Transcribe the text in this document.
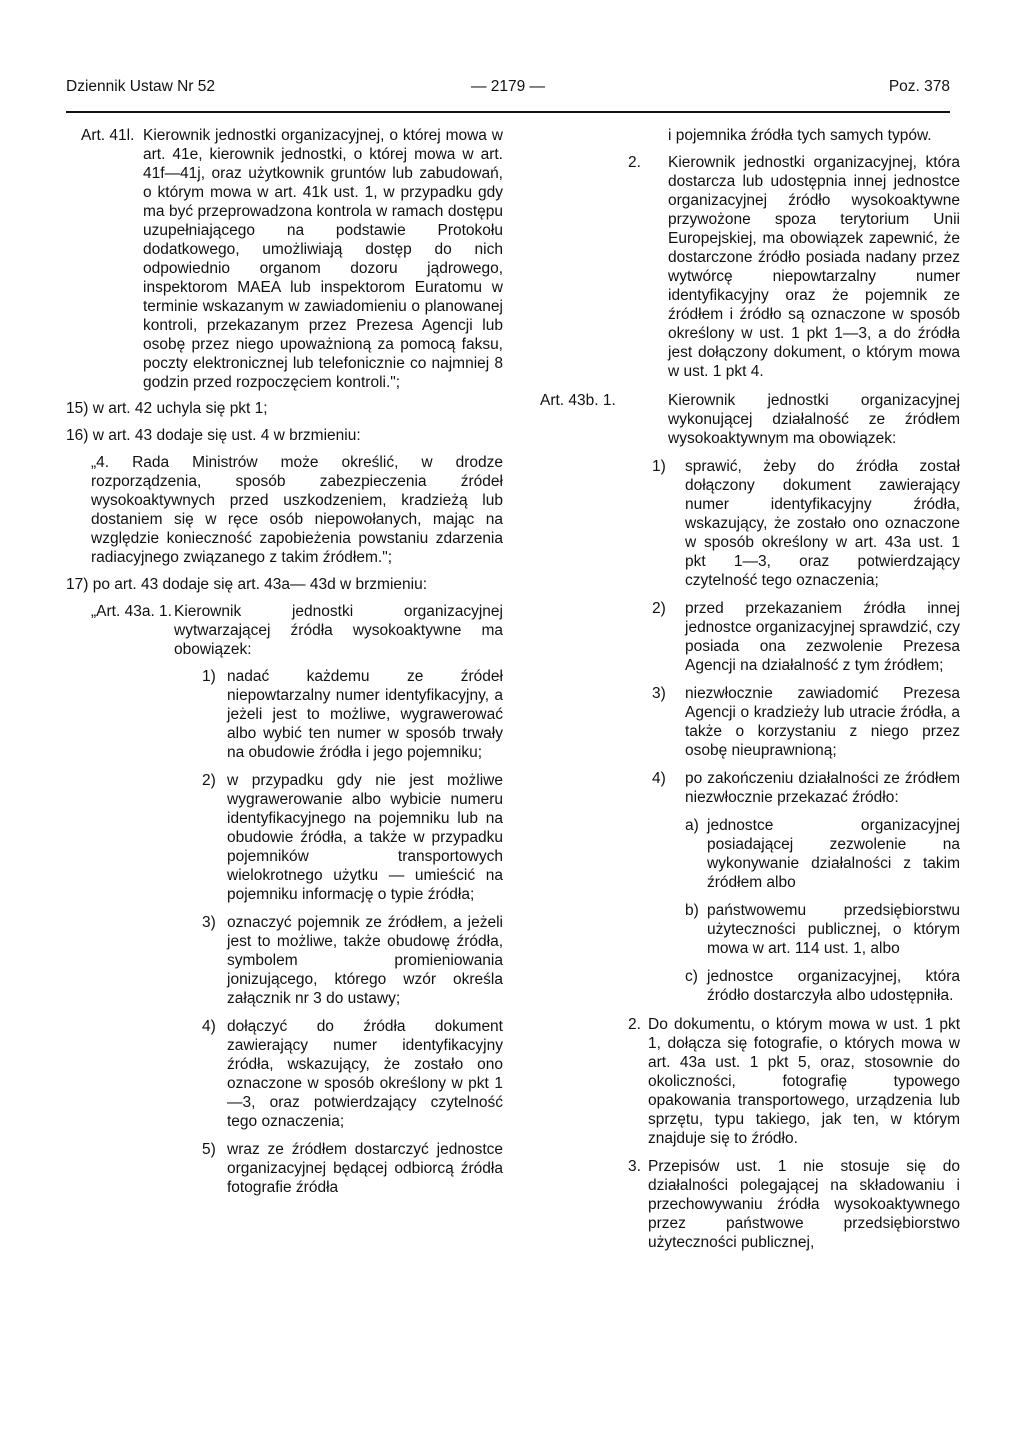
Dziennik Ustaw Nr 52	— 2179 —	Poz. 378
Art. 41l. Kierownik jednostki organizacyjnej, o której mowa w art. 41e, kierownik jednostki, o której mowa w art. 41f—41j, oraz użytkownik gruntów lub zabudowań, o którym mowa w art. 41k ust. 1, w przypadku gdy ma być przeprowadzona kontrola w ramach dostępu uzupełniającego na podstawie Protokołu dodatkowego, umożliwiają dostęp do nich odpowiednio organom dozoru jądrowego, inspektorom MAEA lub inspektorom Euratomu w terminie wskazanym w zawiadomieniu o planowanej kontroli, przekazanym przez Prezesa Agencji lub osobę przez niego upoważnioną za pomocą faksu, poczty elektronicznej lub telefonicznie co najmniej 8 godzin przed rozpoczęciem kontroli.";

15) w art. 42 uchyla się pkt 1;

16) w art. 43 dodaje się ust. 4 w brzmieniu:

„4. Rada Ministrów może określić, w drodze rozporządzenia, sposób zabezpieczenia źródeł wysokoaktywnych przed uszkodzeniem, kradzieżą lub dostaniem się w ręce osób niepowołanych, mając na względzie konieczność zapobieżenia powstaniu zdarzenia radiacyjnego związanego z takim źródłem.";

17) po art. 43 dodaje się art. 43a— 43d w brzmieniu:

„Art. 43a. 1. Kierownik jednostki organizacyjnej wytwarzającej źródła wysokoaktywne ma obowiązek:
1) nadać każdemu ze źródeł niepowtarzalny numer identyfikacyjny, a jeżeli jest to możliwe, wygrawerować albo wybić ten numer w sposób trwały na obudowie źródła i jego pojemniku;
2) w przypadku gdy nie jest możliwe wygrawerowanie albo wybicie numeru identyfikacyjnego na pojemniku lub na obudowie źródła, a także w przypadku pojemników transportowych wielokrotnego użytku — umieścić na pojemniku informację o typie źródła;
3) oznaczyć pojemnik ze źródłem, a jeżeli jest to możliwe, także obudowę źródła, symbolem promieniowania jonizującego, którego wzór określa załącznik nr 3 do ustawy;
4) dołączyć do źródła dokument zawierający numer identyfikacyjny źródła, wskazujący, że zostało ono oznaczone w sposób określony w pkt 1—3, oraz potwierdzający czytelność tego oznaczenia;
5) wraz ze źródłem dostarczyć jednostce organizacyjnej będącej odbiorcą źródła fotografie źródła

i pojemnika źródła tych samych typów.

2. Kierownik jednostki organizacyjnej, która dostarcza lub udostępnia innej jednostce organizacyjnej źródło wysokoaktywne przywożone spoza terytorium Unii Europejskiej, ma obowiązek zapewnić, że dostarczone źródło posiada nadany przez wytwórcę niepowtarzalny numer identyfikacyjny oraz że pojemnik ze źródłem i źródło są oznaczone w sposób określony w ust. 1 pkt 1—3, a do źródła jest dołączony dokument, o którym mowa w ust. 1 pkt 4.
Art. 43b. 1.	Kierownik jednostki organizacyjnej wykonującej działalność ze źródłem wysokoaktywnym ma obowiązek:
1) sprawić, żeby do źródła został dołączony dokument zawierający numer identyfikacyjny źródła, wskazujący, że zostało ono oznaczone w sposób określony w art. 43a ust. 1 pkt 1—3, oraz potwierdzający czytelność tego oznaczenia;
2) przed przekazaniem źródła innej jednostce organizacyjnej sprawdzić, czy posiada ona zezwolenie Prezesa Agencji na działalność z tym źródłem;
3) niezwłocznie zawiadomić Prezesa Agencji o kradzieży lub utracie źródła, a także o korzystaniu z niego przez osobę nieuprawnioną;
4) po zakończeniu działalności ze źródłem niezwłocznie przekazać źródło:
a) jednostce organizacyjnej posiadającej zezwolenie na wykonywanie działalności z takim źródłem albo
b) państwowemu przedsiębiorstwu użyteczności publicznej, o którym mowa w art. 114 ust. 1, albo
c) jednostce organizacyjnej, która źródło dostarczyła albo udostępniła.
2. Do dokumentu, o którym mowa w ust. 1 pkt 1, dołącza się fotografie, o których mowa w art. 43a ust. 1 pkt 5, oraz, stosownie do okoliczności, fotografię typowego opakowania transportowego, urządzenia lub sprzętu, typu takiego, jak ten, w którym znajduje się to źródło.
3. Przepisów ust. 1 nie stosuje się do działalności polegającej na składowaniu i przechowywaniu źródła wysokoaktywnego przez państwowe przedsiębiorstwo użyteczności publicznej,
